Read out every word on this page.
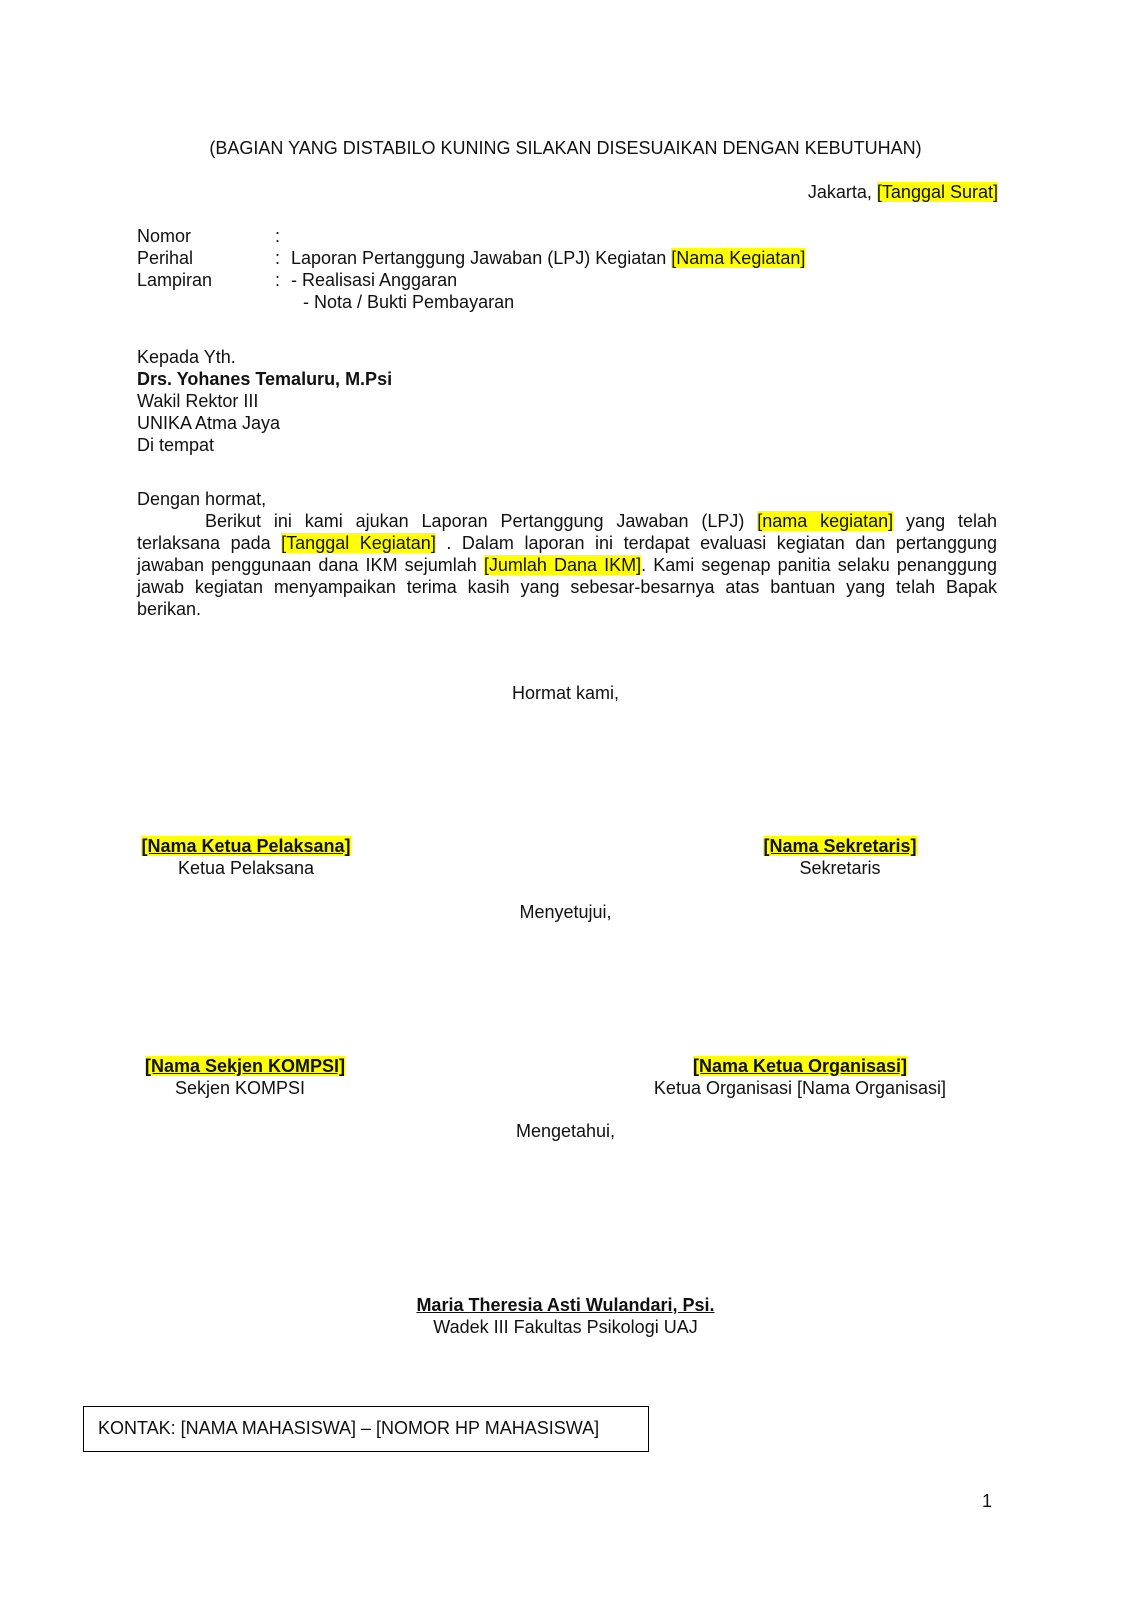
(BAGIAN YANG DISTABILO KUNING SILAKAN DISESUAIKAN DENGAN KEBUTUHAN)
Jakarta, [Tanggal Surat]
Nomor	:
Perihal	: Laporan Pertanggung Jawaban (LPJ) Kegiatan [Nama Kegiatan]
Lampiran	: - Realisasi Anggaran
- Nota / Bukti Pembayaran
Kepada Yth.
Drs. Yohanes Temaluru, M.Psi
Wakil Rektor III
UNIKA Atma Jaya
Di tempat
Dengan hormat,
Berikut ini kami ajukan Laporan Pertanggung Jawaban (LPJ) [nama kegiatan] yang telah terlaksana pada [Tanggal Kegiatan] . Dalam laporan ini terdapat evaluasi kegiatan dan pertanggung jawaban penggunaan dana IKM sejumlah [Jumlah Dana IKM]. Kami segenap panitia selaku penanggung jawab kegiatan menyampaikan terima kasih yang sebesar-besarnya atas bantuan yang telah Bapak berikan.
Hormat kami,
[Nama Ketua Pelaksana]
Ketua Pelaksana
[Nama Sekretaris]
Sekretaris
Menyetujui,
[Nama Sekjen KOMPSI]
Sekjen KOMPSI
[Nama Ketua Organisasi]
Ketua Organisasi [Nama Organisasi]
Mengetahui,
Maria Theresia Asti Wulandari, Psi.
Wadek III Fakultas Psikologi UAJ
KONTAK: [NAMA MAHASISWA] – [NOMOR HP MAHASISWA]
1
